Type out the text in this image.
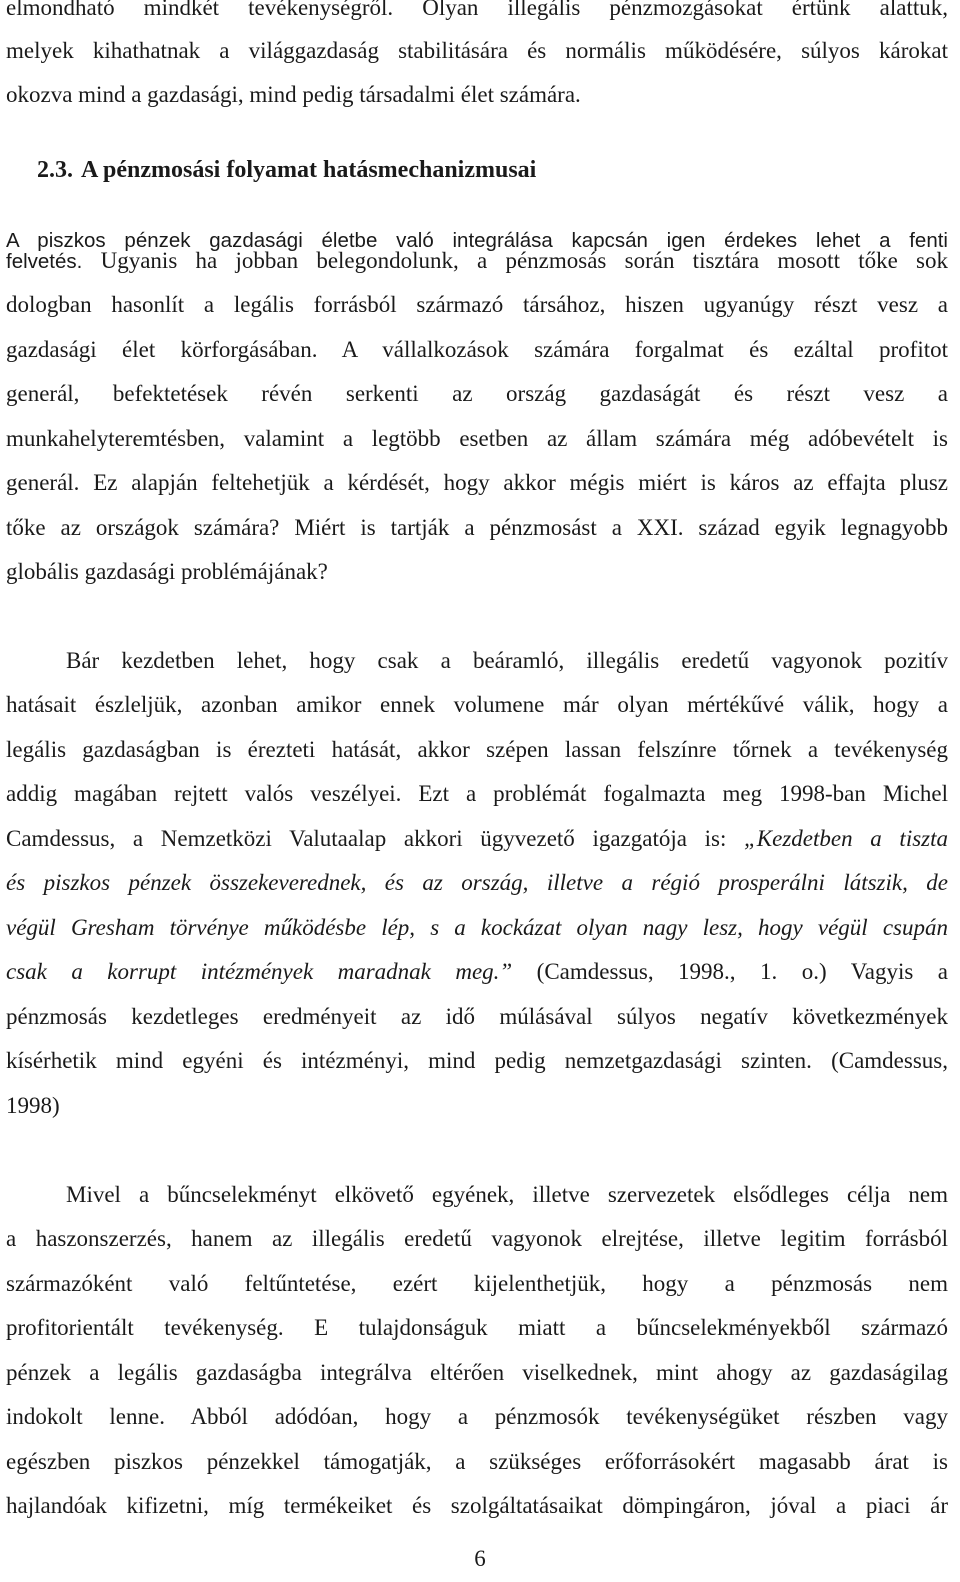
elmondható mindkét tevékenységről. Olyan illegális pénzmozgásokat értünk alattuk,
melyek kihathatnak a világgazdaság stabilitására és normális működésére, súlyos károkat
okozva mind a gazdasági, mind pedig társadalmi élet számára.
2.3. A pénzmosási folyamat hatásmechanizmusai
A piszkos pénzek gazdasági életbe való integrálása kapcsán igen érdekes lehet a fenti
felvetés. Ugyanis ha jobban belegondolunk, a pénzmosás során tisztára mosott tőke sok
dologban hasonlít a legális forrásból származó társához, hiszen ugyanúgy részt vesz a
gazdasági élet körforgásában. A vállalkozások számára forgalmat és ezáltal profitot
generál, befektetések révén serkenti az ország gazdaságát és részt vesz a
munkahelyteremtésben, valamint a legtöbb esetben az állam számára még adóbevételt is
generál. Ez alapján feltehetjük a kérdését, hogy akkor mégis miért is káros az effajta plusz
tőke az országok számára? Miért is tartják a pénzmosást a XXI. század egyik legnagyobb
globális gazdasági problémájának?
Bár kezdetben lehet, hogy csak a beáramló, illegális eredetű vagyonok pozitív
hatásait észleljük, azonban amikor ennek volumene már olyan mértékűvé válik, hogy a
legális gazdaságban is érezteti hatását, akkor szépen lassan felszínre tőrnek a tevékenység
addig magában rejtett valós veszélyei. Ezt a problémát fogalmazta meg 1998-ban Michel
Camdessus, a Nemzetközi Valutaalap akkori ügyvezető igazgatója is: „Kezdetben a tiszta
és piszkos pénzek összekeverednek, és az ország, illetve a régió prosperálni látszik, de
végül Gresham törvénye működésbe lép, s a kockázat olyan nagy lesz, hogy végül csupán
csak a korrupt intézmények maradnak meg.” (Camdessus, 1998., 1. o.) Vagyis a
pénzmosás kezdetleges eredményeit az idő múlásával súlyos negatív következmények
kísérhetik mind egyéni és intézményi, mind pedig nemzetgazdasági szinten. (Camdessus,
1998)
Mivel a bűncselekményt elkövető egyének, illetve szervezetek elsődleges célja nem
a haszonszerzés, hanem az illegális eredetű vagyonok elrejtése, illetve legitim forrásból
származóként való feltűntetése, ezért kijelenthetjük, hogy a pénzmosás nem
profitorientált tevékenység. E tulajdonságuk miatt a bűncselekményekből származó
pénzek a legális gazdaságba integrálva eltérően viselkednek, mint ahogy az gazdaságilag
indokolt lenne. Abból adódóan, hogy a pénzmosók tevékenységüket részben vagy
egészben piszkos pénzekkel támogatják, a szükséges erőforrásokért magasabb árat is
hajlandóak kifizetni, míg termékeiket és szolgáltatásaikat dömpingáron, jóval a piaci ár
6
